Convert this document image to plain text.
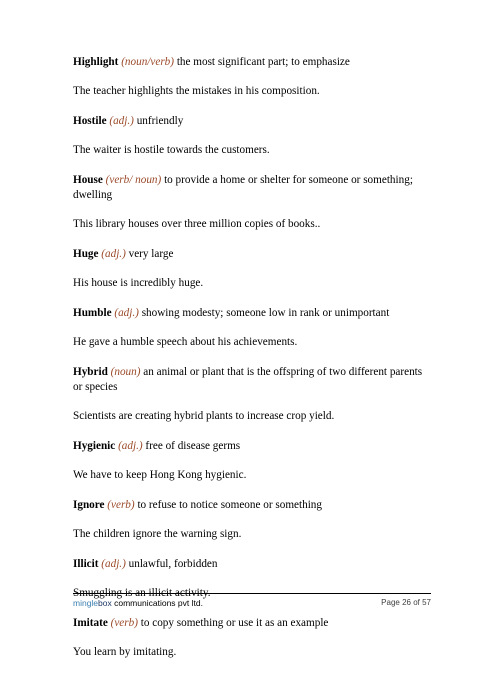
Highlight (noun/verb) the most significant part; to emphasize

The teacher highlights the mistakes in his composition.

Hostile (adj.) unfriendly

The waiter is hostile towards the customers.

House (verb/ noun) to provide a home or shelter for someone or something; dwelling

This library houses over three million copies of books..

Huge (adj.) very large

His house is incredibly huge.

Humble (adj.) showing modesty; someone low in rank or unimportant

He gave a humble speech about his achievements.

Hybrid (noun) an animal or plant that is the offspring of two different parents or species

Scientists are creating hybrid plants to increase crop yield.

Hygienic (adj.) free of disease germs

We have to keep Hong Kong hygienic.

Ignore (verb) to refuse to notice someone or something

The children ignore the warning sign.

Illicit (adj.) unlawful, forbidden

Smuggling is an illicit activity.

Imitate (verb) to copy something or use it as an example

You learn by imitating.

minglebox communications pvt ltd.	Page 26 of 57
